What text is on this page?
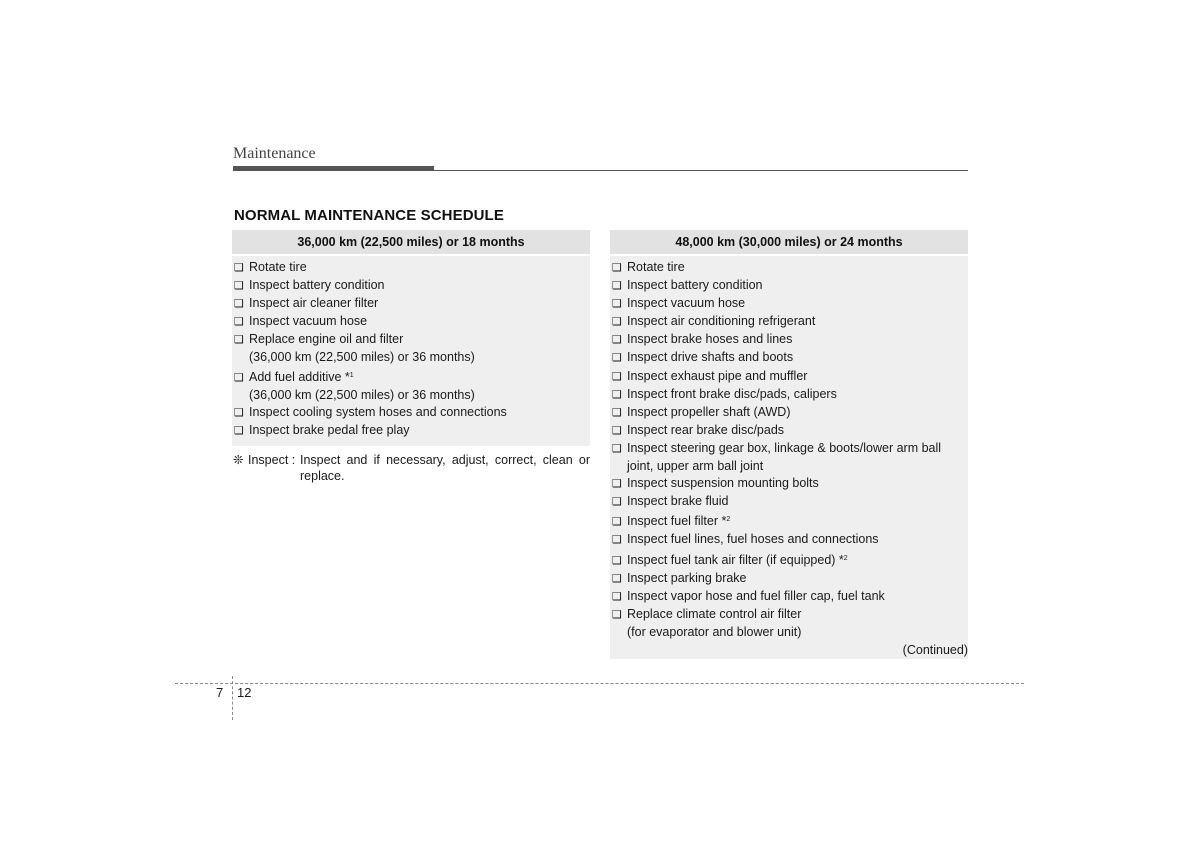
Maintenance
NORMAL MAINTENANCE SCHEDULE
36,000 km (22,500 miles) or 18 months
❑ Rotate tire
❑ Inspect battery condition
❑ Inspect air cleaner filter
❑ Inspect vacuum hose
❑ Replace engine oil and filter
(36,000 km (22,500 miles) or 36 months)
❑ Add fuel additive *$^1$
(36,000 km (22,500 miles) or 36 months)
❑ Inspect cooling system hoses and connections
❑ Inspect brake pedal free play
❊ Inspect : Inspect and if necessary, adjust, correct, clean or replace.
48,000 km (30,000 miles) or 24 months
❑ Rotate tire
❑ Inspect battery condition
❑ Inspect vacuum hose
❑ Inspect air conditioning refrigerant
❑ Inspect brake hoses and lines
❑ Inspect drive shafts and boots
❑ Inspect exhaust pipe and muffler
❑ Inspect front brake disc/pads, calipers
❑ Inspect propeller shaft (AWD)
❑ Inspect rear brake disc/pads
❑ Inspect steering gear box, linkage & boots/lower arm ball
joint, upper arm ball joint
❑ Inspect suspension mounting bolts
❑ Inspect brake fluid
❑ Inspect fuel filter *$^2$
❑ Inspect fuel lines, fuel hoses and connections
❑ Inspect fuel tank air filter (if equipped) *$^2$
❑ Inspect parking brake
❑ Inspect vapor hose and fuel filler cap, fuel tank
❑ Replace climate control air filter
(for evaporator and blower unit)
(Continued)
7 12
